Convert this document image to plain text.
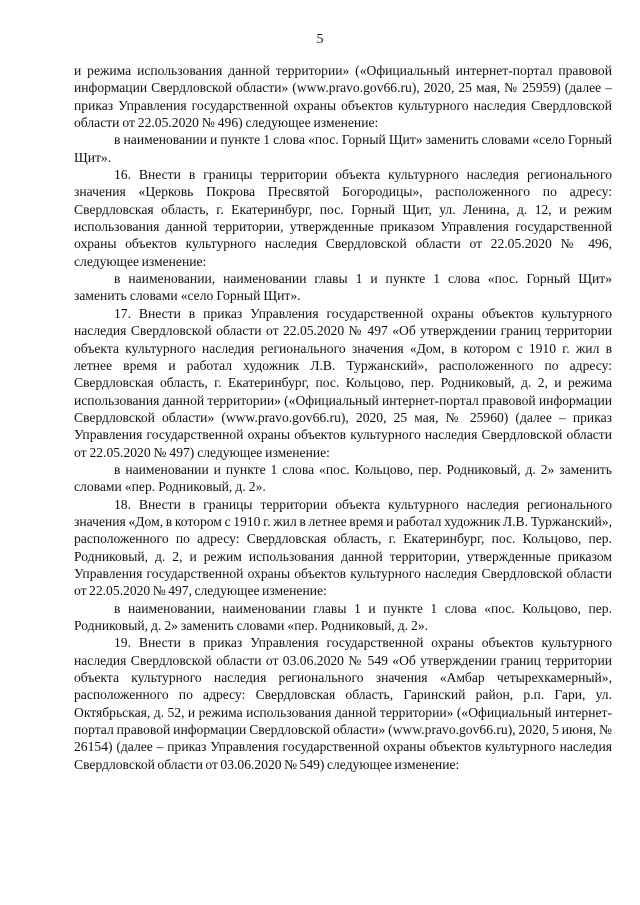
5

и режима использования данной территории» («Официальный интернет-портал правовой информации Свердловской области» (www.pravo.gov66.ru), 2020, 25 мая, № 25959) (далее – приказ Управления государственной охраны объектов культурного наследия Свердловской области от 22.05.2020 № 496) следующее изменение:

в наименовании и пункте 1 слова «пос. Горный Щит» заменить словами «село Горный Щит».

16. Внести в границы территории объекта культурного наследия регионального значения «Церковь Покрова Пресвятой Богородицы», расположенного по адресу: Свердловская область, г. Екатеринбург, пос. Горный Щит, ул. Ленина, д. 12, и режим использования данной территории, утвержденные приказом Управления государственной охраны объектов культурного наследия Свердловской области от 22.05.2020 № 496, следующее изменение:

в наименовании, наименовании главы 1 и пункте 1 слова «пос. Горный Щит» заменить словами «село Горный Щит».

17. Внести в приказ Управления государственной охраны объектов культурного наследия Свердловской области от 22.05.2020 № 497 «Об утверждении границ территории объекта культурного наследия регионального значения «Дом, в котором с 1910 г. жил в летнее время и работал художник Л.В. Туржанский», расположенного по адресу: Свердловская область, г. Екатеринбург, пос. Кольцово, пер. Родниковый, д. 2, и режима использования данной территории» («Официальный интернет-портал правовой информации Свердловской области» (www.pravo.gov66.ru), 2020, 25 мая, № 25960) (далее – приказ Управления государственной охраны объектов культурного наследия Свердловской области от 22.05.2020 № 497) следующее изменение:

в наименовании и пункте 1 слова «пос. Кольцово, пер. Родниковый, д. 2» заменить словами «пер. Родниковый, д. 2».

18. Внести в границы территории объекта культурного наследия регионального значения «Дом, в котором с 1910 г. жил в летнее время и работал художник Л.В. Туржанский», расположенного по адресу: Свердловская область, г. Екатеринбург, пос. Кольцово, пер. Родниковый, д. 2, и режим использования данной территории, утвержденные приказом Управления государственной охраны объектов культурного наследия Свердловской области от 22.05.2020 № 497, следующее изменение:

в наименовании, наименовании главы 1 и пункте 1 слова «пос. Кольцово, пер. Родниковый, д. 2» заменить словами «пер. Родниковый, д. 2».

19. Внести в приказ Управления государственной охраны объектов культурного наследия Свердловской области от 03.06.2020 № 549 «Об утверждении границ территории объекта культурного наследия регионального значения «Амбар четырехкамерный», расположенного по адресу: Свердловская область, Гаринский район, р.п. Гари, ул. Октябрьская, д. 52, и режима использования данной территории» («Официальный интернет-портал правовой информации Свердловской области» (www.pravo.gov66.ru), 2020, 5 июня, № 26154) (далее – приказ Управления государственной охраны объектов культурного наследия Свердловской области от 03.06.2020 № 549) следующее изменение:
